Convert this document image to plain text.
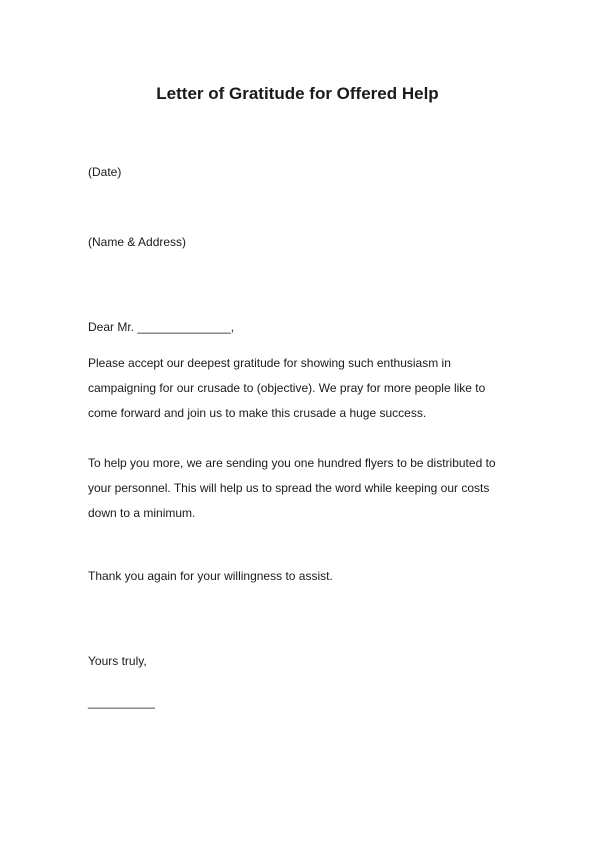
Letter of Gratitude for Offered Help
(Date)
(Name & Address)
Dear Mr. ______________,
Please accept our deepest gratitude for showing such enthusiasm in
campaigning for our crusade to (objective). We pray for more people like to
come forward and join us to make this crusade a huge success.
To help you more, we are sending you one hundred flyers to be distributed to
your personnel. This will help us to spread the word while keeping our costs
down to a minimum.
Thank you again for your willingness to assist.
Yours truly,
__________
